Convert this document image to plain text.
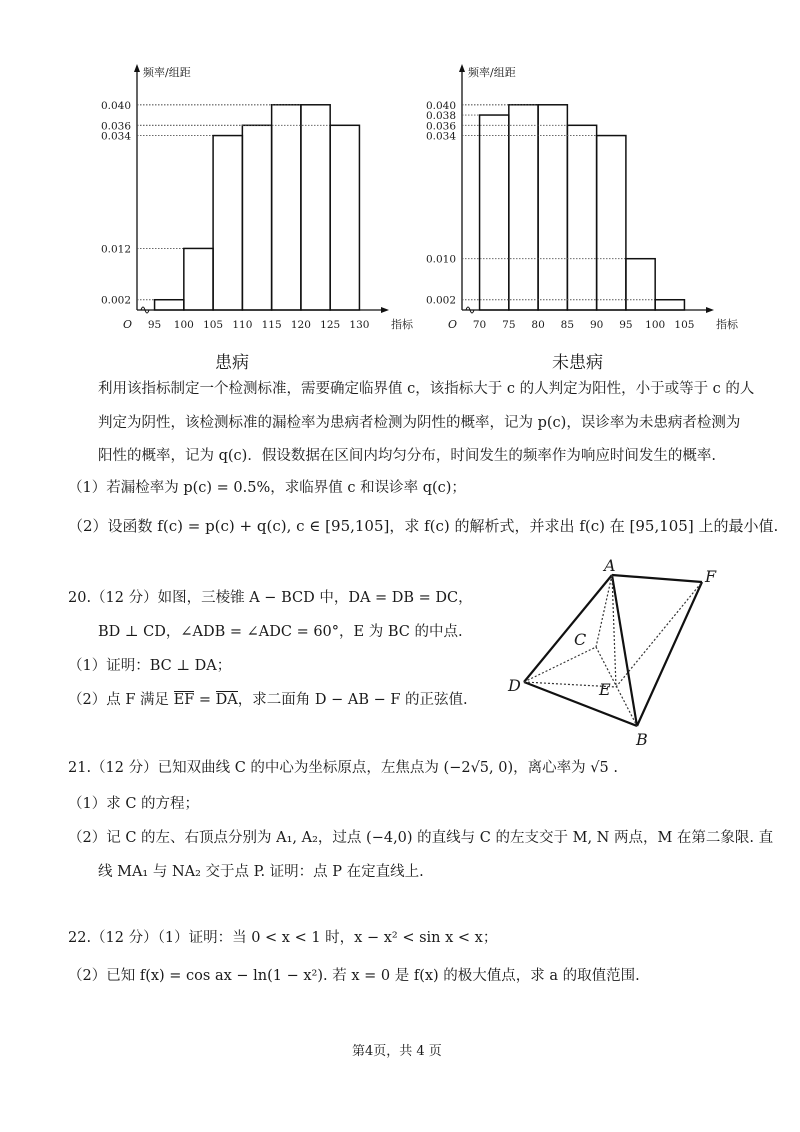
频率/组距
指标
O
0.040
0.036
0.034
0.012
0.002
95 100 105 110 115 120 125 130
患病
频率/组距
指标
O
0.040
0.038
0.036
0.034
0.010
0.002
70 75 80 85 90 95 100 105
未患病
利用该指标制定一个检测标准，需要确定临界值 c，该指标大于 c 的人判定为阳性，小于或等于 c 的人
判定为阴性，该检测标准的漏检率为患病者检测为阴性的概率，记为 p(c)，误诊率为未患病者检测为
阳性的概率，记为 q(c)．假设数据在区间内均匀分布，时间发生的频率作为响应时间发生的概率.
（1）若漏检率为 p(c) = 0.5%，求临界值 c 和误诊率 q(c)；
（2）设函数 f(c) = p(c) + q(c), c ∈ [95,105]，求 f(c) 的解析式，并求出 f(c) 在 [95,105] 上的最小值.
20.（12 分）如图，三棱锥 A − BCD 中，DA = DB = DC，
BD ⊥ CD，∠ADB = ∠ADC = 60°，E 为 BC 的中点.
（1）证明：BC ⊥ DA；
（2）点 F 满足 EF = DA，求二面角 D − AB − F 的正弦值.
A
F
C
D	E
B
21.（12 分）已知双曲线 C 的中心为坐标原点，左焦点为 (−2√5, 0)，离心率为 √5 .
（1）求 C 的方程；
（2）记 C 的左、右顶点分别为 A₁, A₂，过点 (−4,0) 的直线与 C 的左支交于 M, N 两点，M 在第二象限. 直
线 MA₁ 与 NA₂ 交于点 P. 证明：点 P 在定直线上.
22.（12 分）（1）证明：当 0 < x < 1 时，x − x² < sin x < x；
（2）已知 f(x) = cos ax − ln(1 − x²). 若 x = 0 是 f(x) 的极大值点，求 a 的取值范围.
第4页，共 4 页
